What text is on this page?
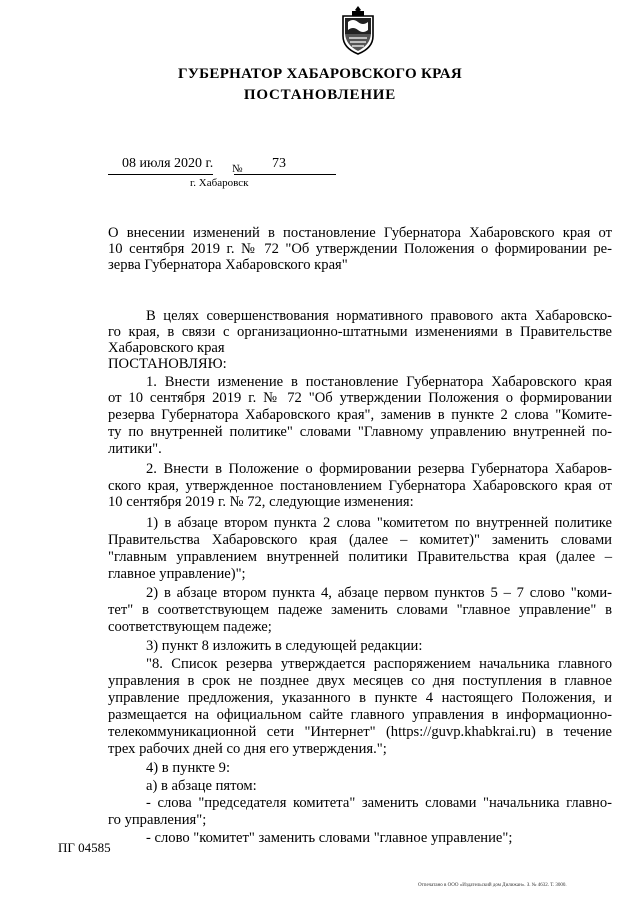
ГУБЕРНАТОР ХАБАРОВСКОГО КРАЯ
ПОСТАНОВЛЕНИЕ
08 июля 2020 г. № 73
г. Хабаровск
О внесении изменений в постановление Губернатора Хабаровского края от
10 сентября 2019 г. № 72 "Об утверждении Положения о формировании ре-
зерва Губернатора Хабаровского края"
В целях совершенствования нормативного правового акта Хабаровско-
го края, в связи с организационно-штатными изменениями в Правительстве
Хабаровского края
ПОСТАНОВЛЯЮ:
1. Внести изменение в постановление Губернатора Хабаровского края
от 10 сентября 2019 г. № 72 "Об утверждении Положения о формировании
резерва Губернатора Хабаровского края", заменив в пункте 2 слова "Комите-
ту по внутренней политике" словами "Главному управлению внутренней по-
литики".
2. Внести в Положение о формировании резерва Губернатора Хабаров-
ского края, утвержденное постановлением Губернатора Хабаровского края от
10 сентября 2019 г. № 72, следующие изменения:
1) в абзаце втором пункта 2 слова "комитетом по внутренней политике
Правительства Хабаровского края (далее – комитет)" заменить словами
"главным управлением внутренней политики Правительства края (далее –
главное управление)";
2) в абзаце втором пункта 4, абзаце первом пунктов 5 – 7 слово "коми-
тет" в соответствующем падеже заменить словами "главное управление" в
соответствующем падеже;
3) пункт 8 изложить в следующей редакции:
"8. Список резерва утверждается распоряжением начальника главного
управления в срок не позднее двух месяцев со дня поступления в главное
управление предложения, указанного в пункте 4 настоящего Положения, и
размещается на официальном сайте главного управления в информационно-
телекоммуникационной сети "Интернет" (https://guvp.khabkrai.ru) в течение
трех рабочих дней со дня его утверждения.";
4) в пункте 9:
а) в абзаце пятом:
- слова "председателя комитета" заменить словами "начальника главно-
го управления";
- слово "комитет" заменить словами "главное управление";
ПГ 04585
Отпечатано в ООО «Издательский дом Дилижан». З. № 4632. Т. 3000.
